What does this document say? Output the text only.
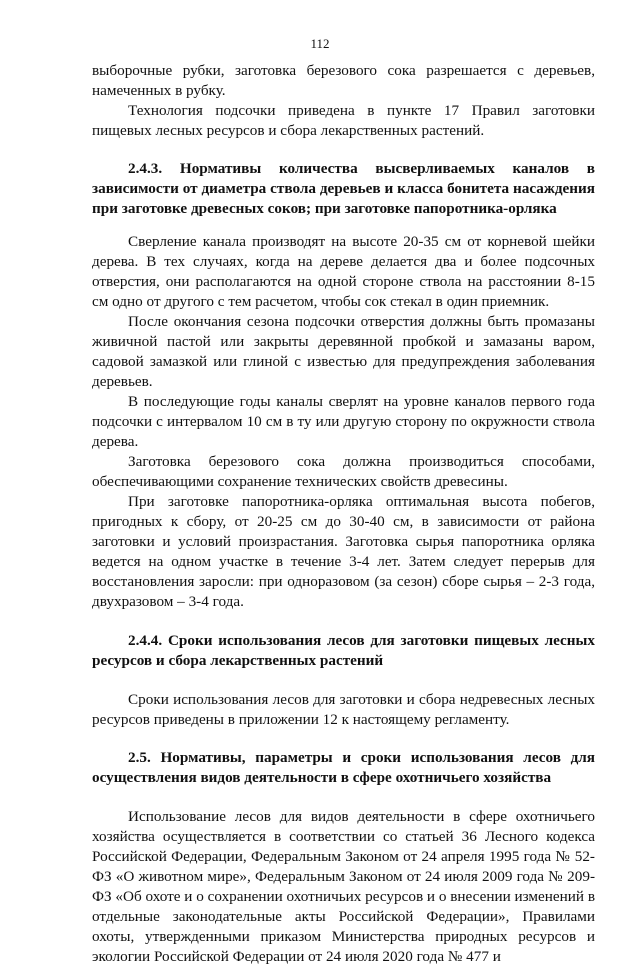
112

выборочные рубки, заготовка березового сока разрешается с деревьев, намеченных в рубку.

Технология подсочки приведена в пункте 17 Правил заготовки пищевых лесных ресурсов и сбора лекарственных растений.

2.4.3. Нормативы количества высверливаемых каналов в зависимости от диаметра ствола деревьев и класса бонитета насаждения при заготовке древесных соков; при заготовке папоротника-орляка

Сверление канала производят на высоте 20-35 см от корневой шейки дерева. В тех случаях, когда на дереве делается два и более подсочных отверстия, они располагаются на одной стороне ствола на расстоянии 8-15 см одно от другого с тем расчетом, чтобы сок стекал в один приемник.

После окончания сезона подсочки отверстия должны быть промазаны живичной пастой или закрыты деревянной пробкой и замазаны варом, садовой замазкой или глиной с известью для предупреждения заболевания деревьев.

В последующие годы каналы сверлят на уровне каналов первого года подсочки с интервалом 10 см в ту или другую сторону по окружности ствола дерева.

Заготовка березового сока должна производиться способами, обеспечивающими сохранение технических свойств древесины.

При заготовке папоротника-орляка оптимальная высота побегов, пригодных к сбору, от 20-25 см до 30-40 см, в зависимости от района заготовки и условий произрастания. Заготовка сырья папоротника орляка ведется на одном участке в течение 3-4 лет. Затем следует перерыв для восстановления заросли: при одноразовом (за сезон) сборе сырья – 2-3 года, двухразовом – 3-4 года.

2.4.4. Сроки использования лесов для заготовки пищевых лесных ресурсов и сбора лекарственных растений

Сроки использования лесов для заготовки и сбора недревесных лесных ресурсов приведены в приложении 12 к настоящему регламенту.

2.5. Нормативы, параметры и сроки использования лесов для осуществления видов деятельности в сфере охотничьего хозяйства

Использование лесов для видов деятельности в сфере охотничьего хозяйства осуществляется в соответствии со статьей 36 Лесного кодекса Российской Федерации, Федеральным Законом от 24 апреля 1995 года № 52-ФЗ «О животном мире», Федеральным Законом от 24 июля 2009 года № 209-ФЗ «Об охоте и о сохранении охотничьих ресурсов и о внесении изменений в отдельные законодательные акты Российской Федерации», Правилами охоты, утвержденными приказом Министерства природных ресурсов и экологии Российской Федерации от 24 июля 2020 года № 477 и
